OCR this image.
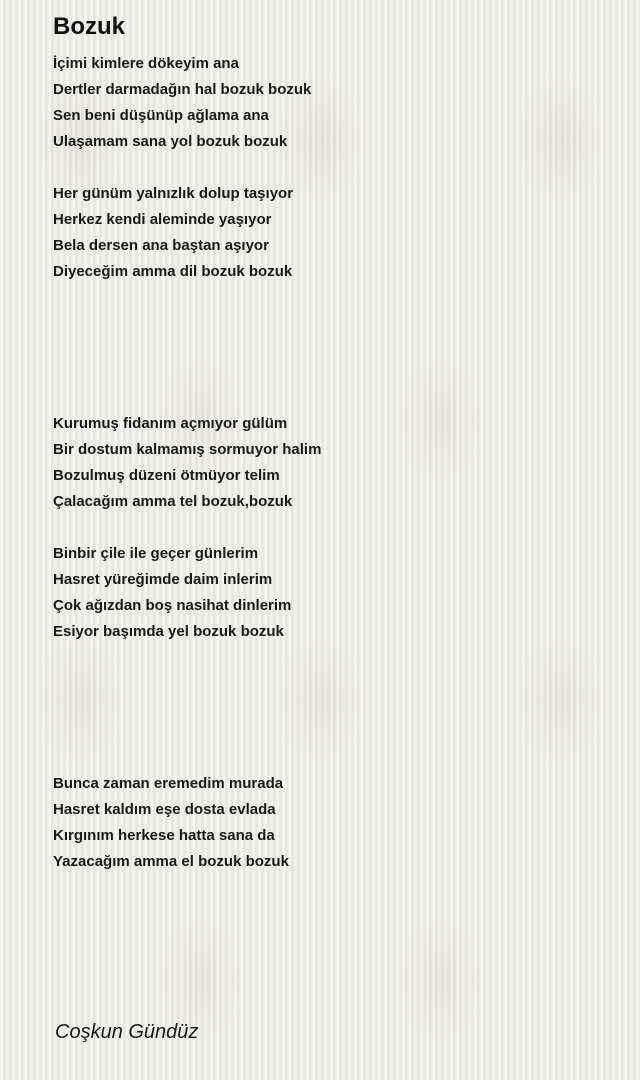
Bozuk
İçimi kimlere dökeyim ana
Dertler darmadağın hal bozuk bozuk
Sen beni düşünüp ağlama ana
Ulaşamam sana yol bozuk bozuk
Her günüm yalnızlık dolup taşıyor
Herkez kendi aleminde yaşıyor
Bela dersen ana baştan aşıyor
Diyeceğim amma dil bozuk bozuk
Kurumuş fidanım açmıyor gülüm
Bir dostum kalmamış sormuyor halim
Bozulmuş düzeni ötmüyor telim
Çalacağım amma tel bozuk,bozuk
Binbir çile ile geçer günlerim
Hasret yüreğimde daim inlerim
Çok ağızdan boş nasihat dinlerim
Esiyor başımda yel bozuk bozuk
Bunca zaman eremedim murada
Hasret kaldım eşe dosta evlada
Kırgınım herkese hatta sana da
Yazacağım amma el bozuk bozuk

Coşkun Gündüz
